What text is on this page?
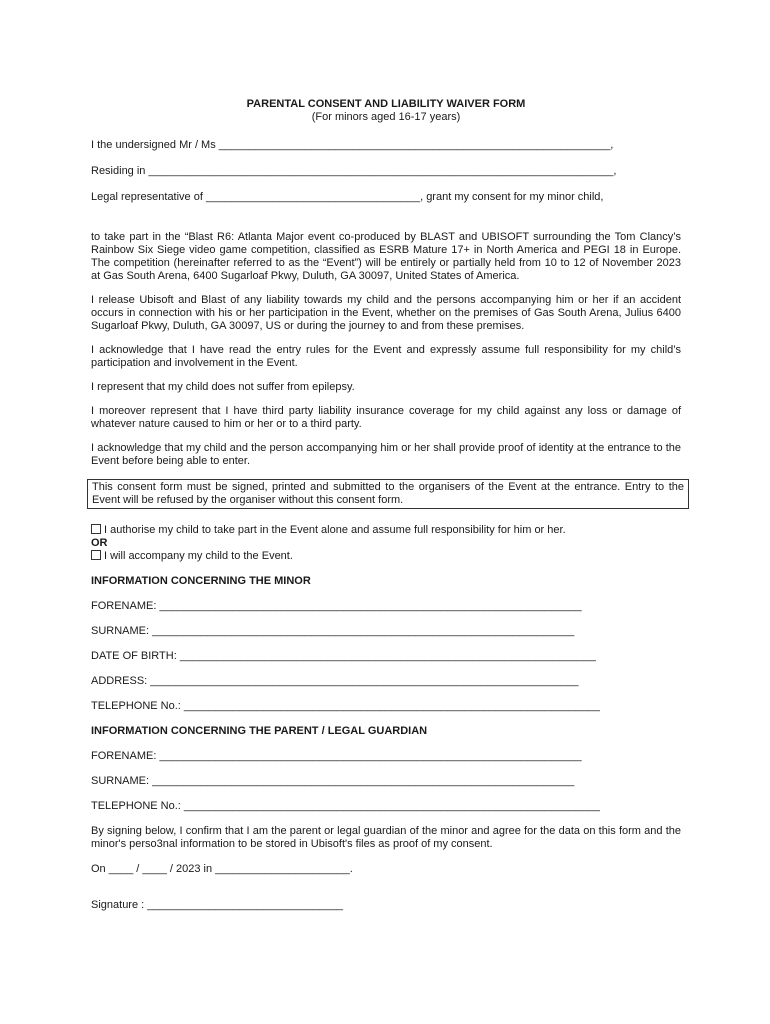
PARENTAL CONSENT AND LIABILITY WAIVER FORM
(For minors aged 16-17 years)
I the undersigned Mr / Ms ________________________________________________________________,
Residing in ____________________________________________________________________________,
Legal representative of ___________________________________, grant my consent for my minor child,

to take part in the “Blast R6: Atlanta Major event co-produced by BLAST and UBISOFT surrounding the Tom Clancy’s Rainbow Six Siege video game competition, classified as ESRB Mature 17+ in North America and PEGI 18 in Europe. The competition (hereinafter referred to as the “Event”) will be entirely or partially held from 10 to 12 of November 2023 at Gas South Arena, 6400 Sugarloaf Pkwy, Duluth, GA 30097, United States of America.

I release Ubisoft and Blast of any liability towards my child and the persons accompanying him or her if an accident occurs in connection with his or her participation in the Event, whether on the premises of Gas South Arena, Julius 6400 Sugarloaf Pkwy, Duluth, GA 30097, US or during the journey to and from these premises.

I acknowledge that I have read the entry rules for the Event and expressly assume full responsibility for my child’s participation and involvement in the Event.

I represent that my child does not suffer from epilepsy.

I moreover represent that I have third party liability insurance coverage for my child against any loss or damage of whatever nature caused to him or her or to a third party.

I acknowledge that my child and the person accompanying him or her shall provide proof of identity at the entrance to the Event before being able to enter.

This consent form must be signed, printed and submitted to the organisers of the Event at the entrance. Entry to the Event will be refused by the organiser without this consent form.

I authorise my child to take part in the Event alone and assume full responsibility for him or her.
OR
I will accompany my child to the Event.
INFORMATION CONCERNING THE MINOR
FORENAME: _____________________________________________________________________
SURNAME: _____________________________________________________________________
DATE OF BIRTH: ____________________________________________________________________
ADDRESS: ______________________________________________________________________
TELEPHONE No.: ____________________________________________________________________
INFORMATION CONCERNING THE PARENT / LEGAL GUARDIAN
FORENAME: _____________________________________________________________________
SURNAME: _____________________________________________________________________
TELEPHONE No.: ____________________________________________________________________

By signing below, I confirm that I am the parent or legal guardian of the minor and agree for the data on this form and the minor's perso3nal information to be stored in Ubisoft's files as proof of my consent.

On ____ / ____ / 2023 in ______________________.
Signature : ________________________________
